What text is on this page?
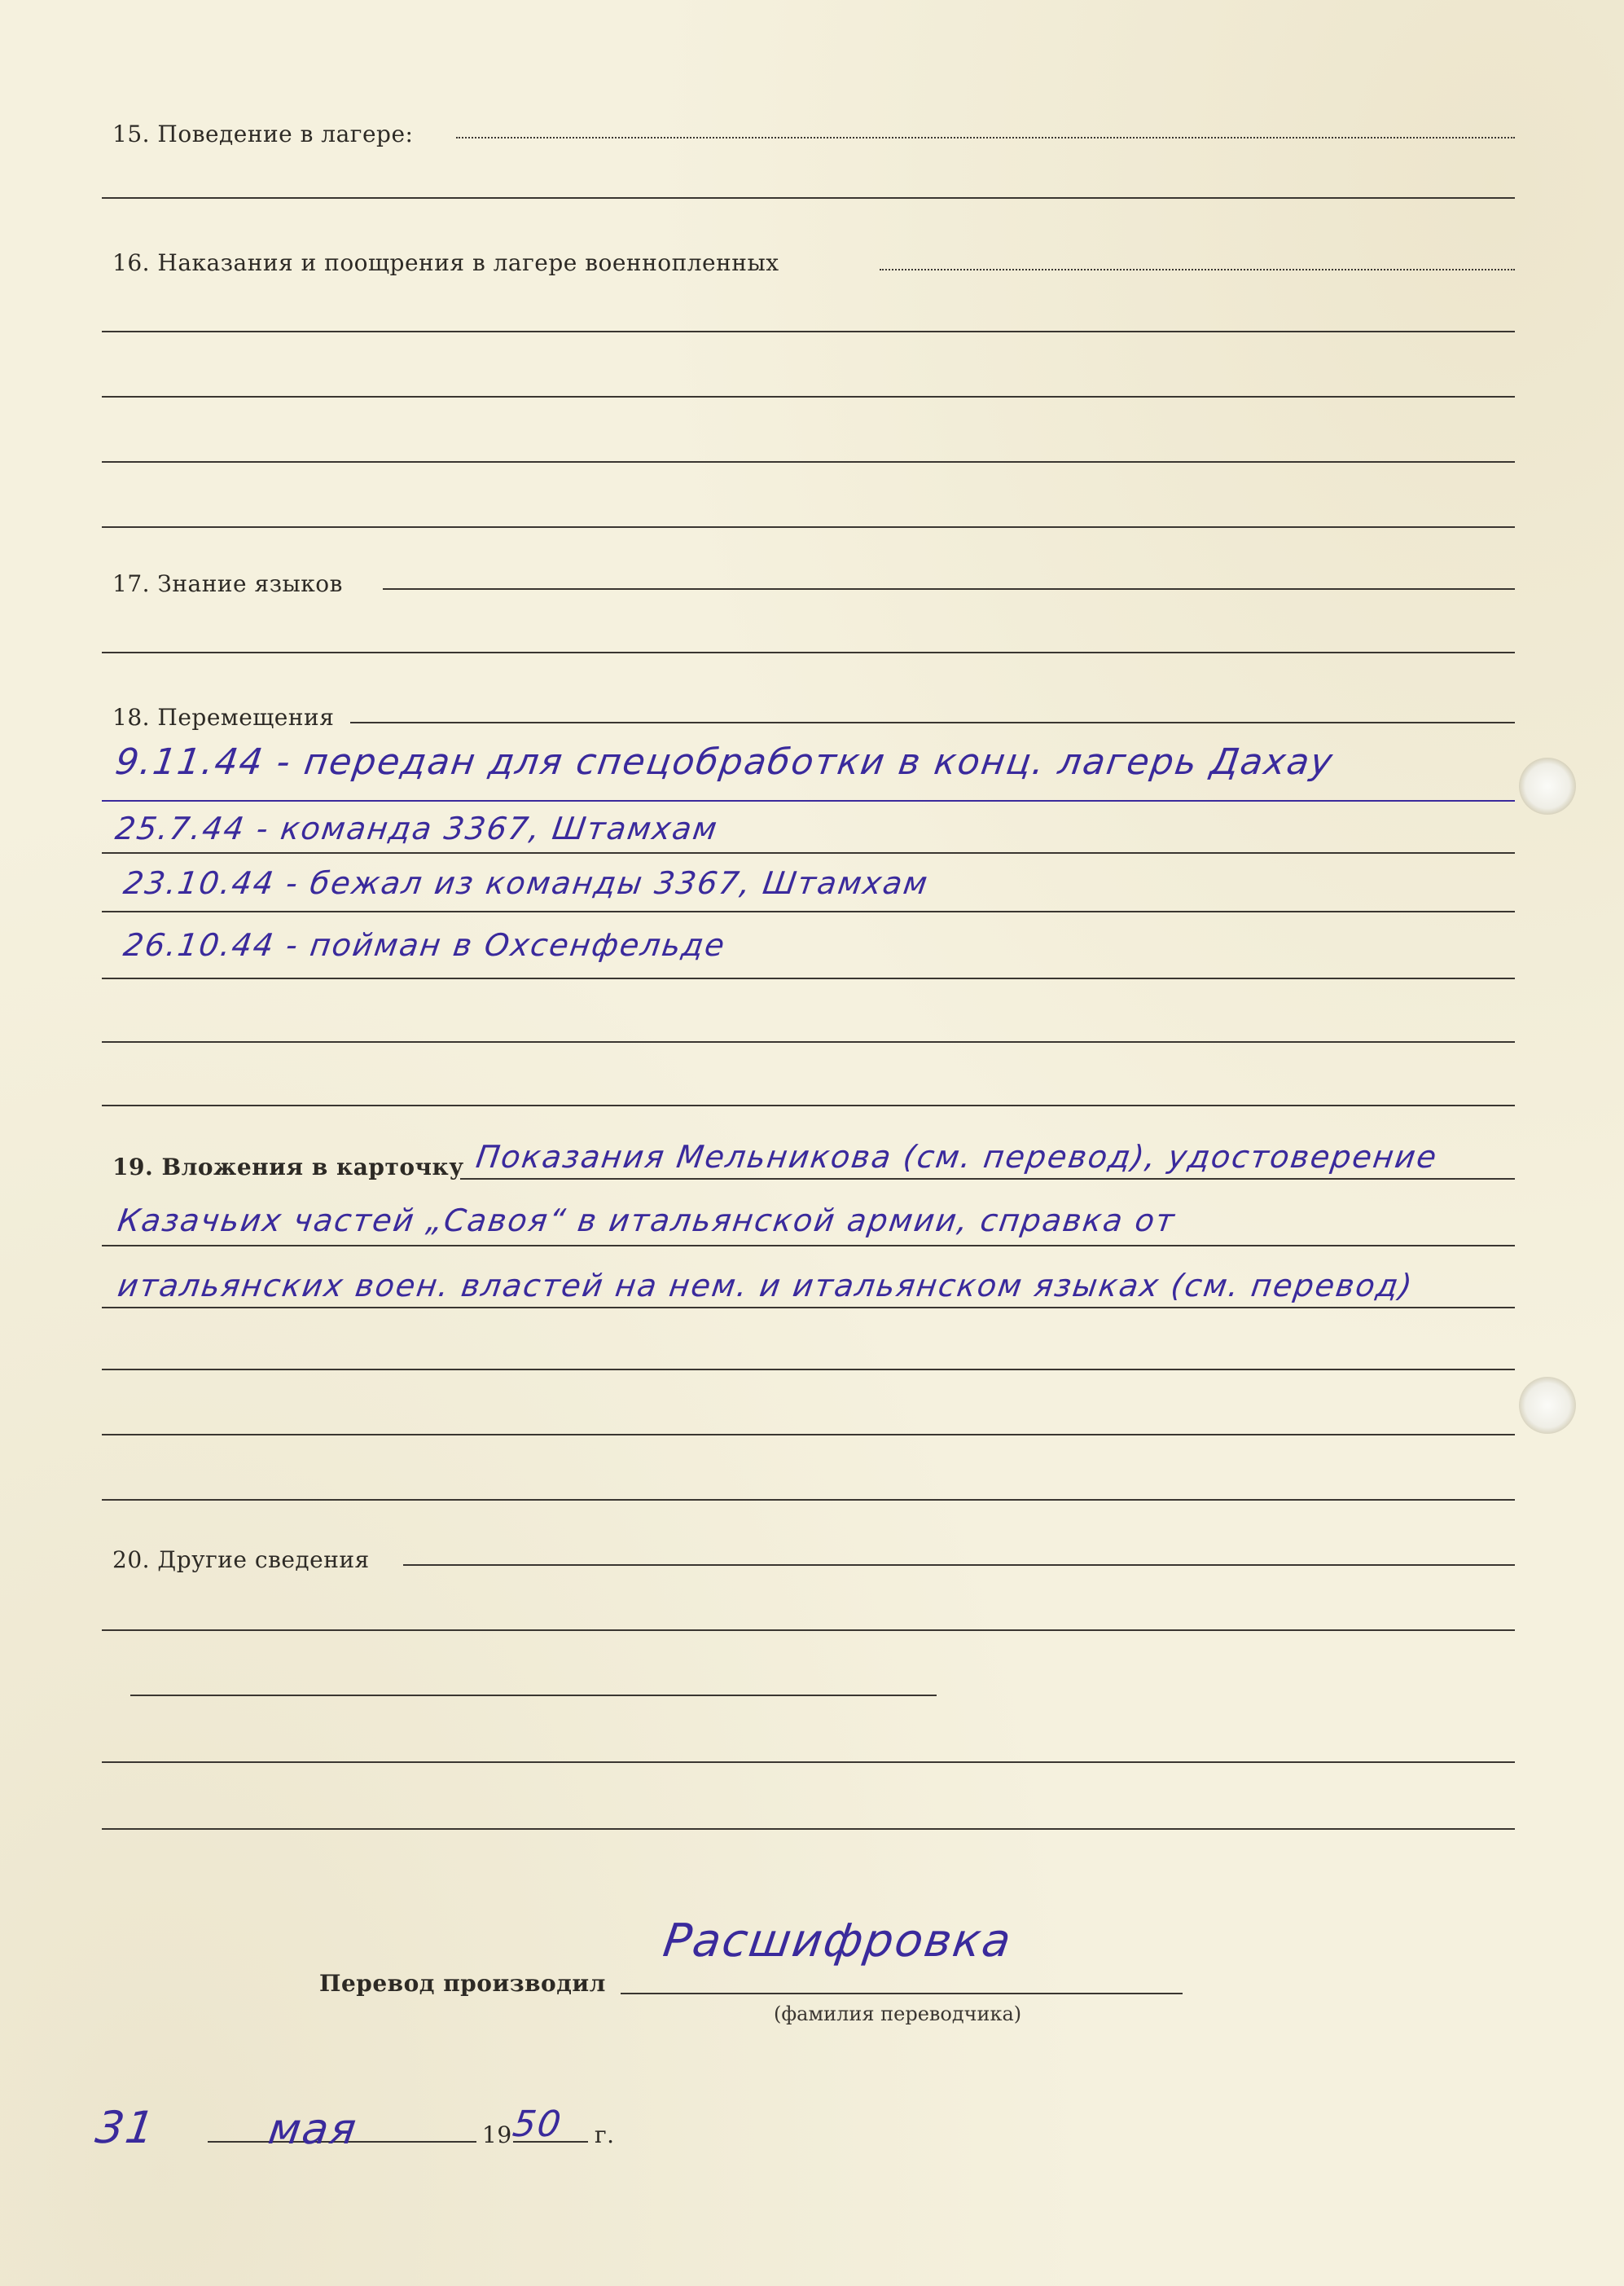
15. Поведение в лагере:
16. Наказания и поощрения в лагере военнопленных
17. Знание языков
18. Перемещения
9.11.44 - передан для спецобработки в конц. лагерь Дахау
25.7.44 - команда 3367, Штамхам
23.10.44 - бежал из команды 3367, Штамхам
26.10.44 - пойман в Охсенфельде
19. Вложения в карточку Показания Мельникова (см. перевод), удостоверение
Казачьих частей „Савоя“ в итальянской армии, справка от
итальянских воен. властей на нем. и итальянском языках (см. перевод)
20. Другие сведения
Перевод производил
Расшифровка
(фамилия переводчика)
31	мая	19
50 г.
